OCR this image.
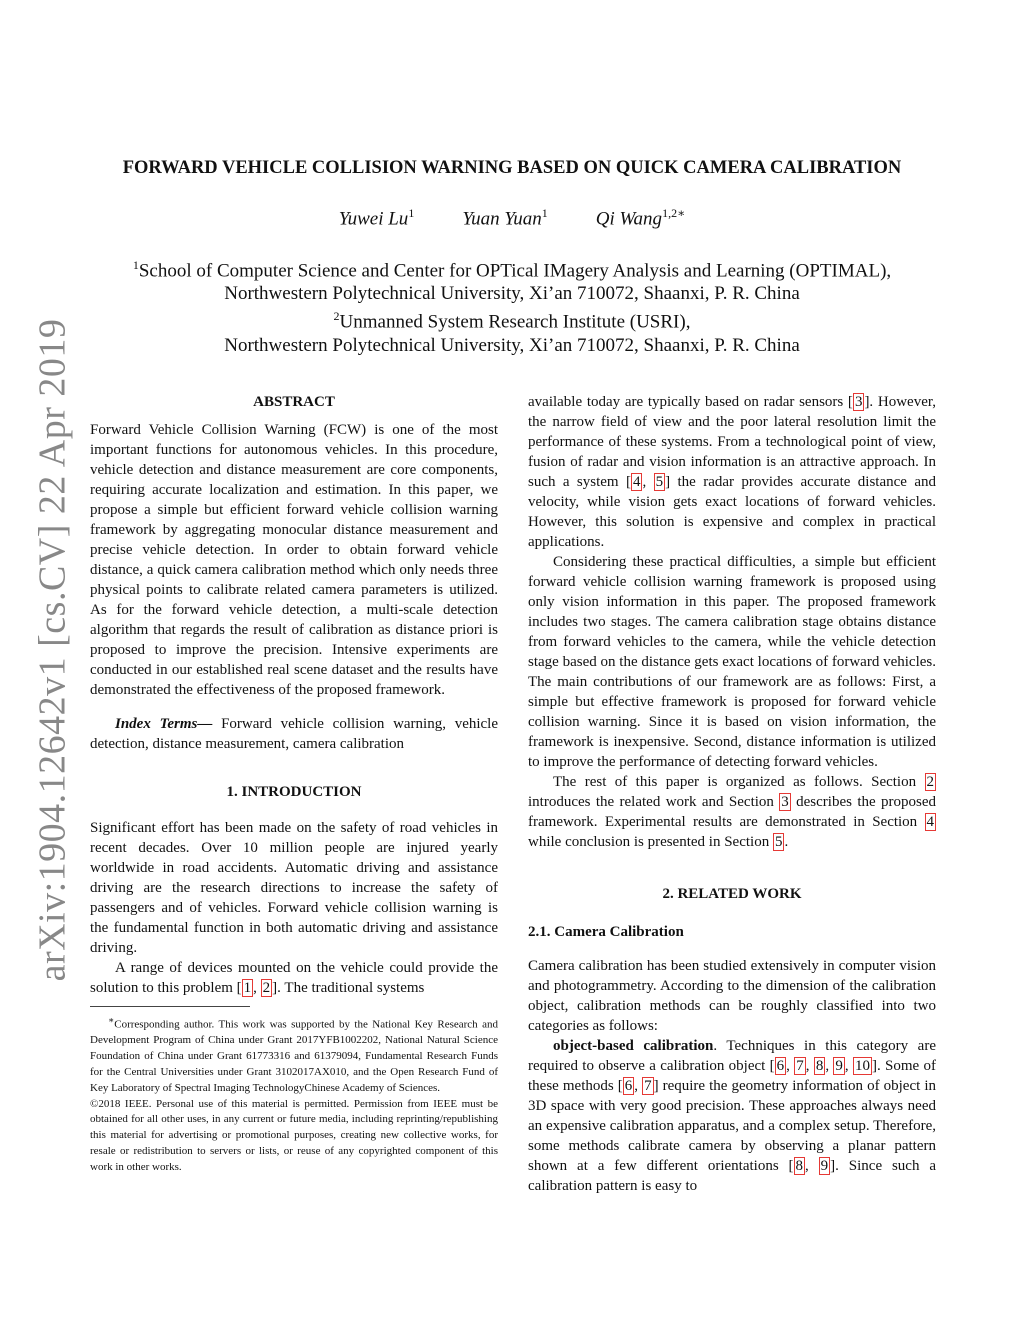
arXiv:1904.12642v1 [cs.CV] 22 Apr 2019
FORWARD VEHICLE COLLISION WARNING BASED ON QUICK CAMERA CALIBRATION
Yuwei Lu$^1$	Yuan Yuan$^1$	Qi Wang$^{1,2∗}$
$^1$School of Computer Science and Center for OPTical IMagery Analysis and Learning (OPTIMAL),
Northwestern Polytechnical University, Xi’an 710072, Shaanxi, P. R. China
$^2$Unmanned System Research Institute (USRI),
Northwestern Polytechnical University, Xi’an 710072, Shaanxi, P. R. China
ABSTRACT

Forward Vehicle Collision Warning (FCW) is one of the most important functions for autonomous vehicles. In this procedure, vehicle detection and distance measurement are core components, requiring accurate localization and estimation. In this paper, we propose a simple but efficient forward vehicle collision warning framework by aggregating monocular distance measurement and precise vehicle detection. In order to obtain forward vehicle distance, a quick camera calibration method which only needs three physical points to calibrate related camera parameters is utilized. As for the forward vehicle detection, a multi-scale detection algorithm that regards the result of calibration as distance priori is proposed to improve the precision. Intensive experiments are conducted in our established real scene dataset and the results have demonstrated the effectiveness of the proposed framework.

Index Terms— Forward vehicle collision warning, vehicle detection, distance measurement, camera calibration

1. INTRODUCTION

Significant effort has been made on the safety of road vehicles in recent decades. Over 10 million people are injured yearly worldwide in road accidents. Automatic driving and assistance driving are the research directions to increase the safety of passengers and of vehicles. Forward vehicle collision warning is the fundamental function in both automatic driving and assistance driving.

A range of devices mounted on the vehicle could provide the solution to this problem [ 1 , 2 ]. The traditional systems

∗Corresponding author. This work was supported by the National Key Research and Development Program of China under Grant 2017YFB1002202, National Natural Science Foundation of China under Grant 61773316 and 61379094, Fundamental Research Funds for the Central Universities under Grant 3102017AX010, and the Open Research Fund of Key Laboratory of Spectral Imaging TechnologyChinese Academy of Sciences.

©2018 IEEE. Personal use of this material is permitted. Permission from IEEE must be obtained for all other uses, in any current or future media, including reprinting/republishing this material for advertising or promotional purposes, creating new collective works, for resale or redistribution to servers or lists, or reuse of any copyrighted component of this work in other works.

available today are typically based on radar sensors [ 3 ]. However, the narrow field of view and the poor lateral resolution limit the performance of these systems. From a technological point of view, fusion of radar and vision information is an attractive approach. In such a system [ 4 , 5 ] the radar provides accurate distance and velocity, while vision gets exact locations of forward vehicles. However, this solution is expensive and complex in practical applications.

Considering these practical difficulties, a simple but efficient forward vehicle collision warning framework is proposed using only vision information in this paper. The proposed framework includes two stages. The camera calibration stage obtains distance from forward vehicles to the camera, while the vehicle detection stage based on the distance gets exact locations of forward vehicles. The main contributions of our framework are as follows: First, a simple but effective framework is proposed for forward vehicle collision warning. Since it is based on vision information, the framework is inexpensive. Second, distance information is utilized to improve the performance of detecting forward vehicles.

The rest of this paper is organized as follows. Section 2 introduces the related work and Section 3 describes the proposed framework. Experimental results are demonstrated in Section 4 while conclusion is presented in Section 5 .

2. RELATED WORK
2.1. Camera Calibration

Camera calibration has been studied extensively in computer vision and photogrammetry. According to the dimension of the calibration object, calibration methods can be roughly classified into two categories as follows:

object-based calibration. Techniques in this category are required to observe a calibration object [ 6 , 7 , 8 , 9 , 10 ]. Some of these methods [ 6 , 7 ] require the geometry information of object in 3D space with very good precision. These approaches always need an expensive calibration apparatus, and a complex setup. Therefore, some methods calibrate camera by observing a planar pattern shown at a few different orientations [ 8 , 9 ]. Since such a calibration pattern is easy to
